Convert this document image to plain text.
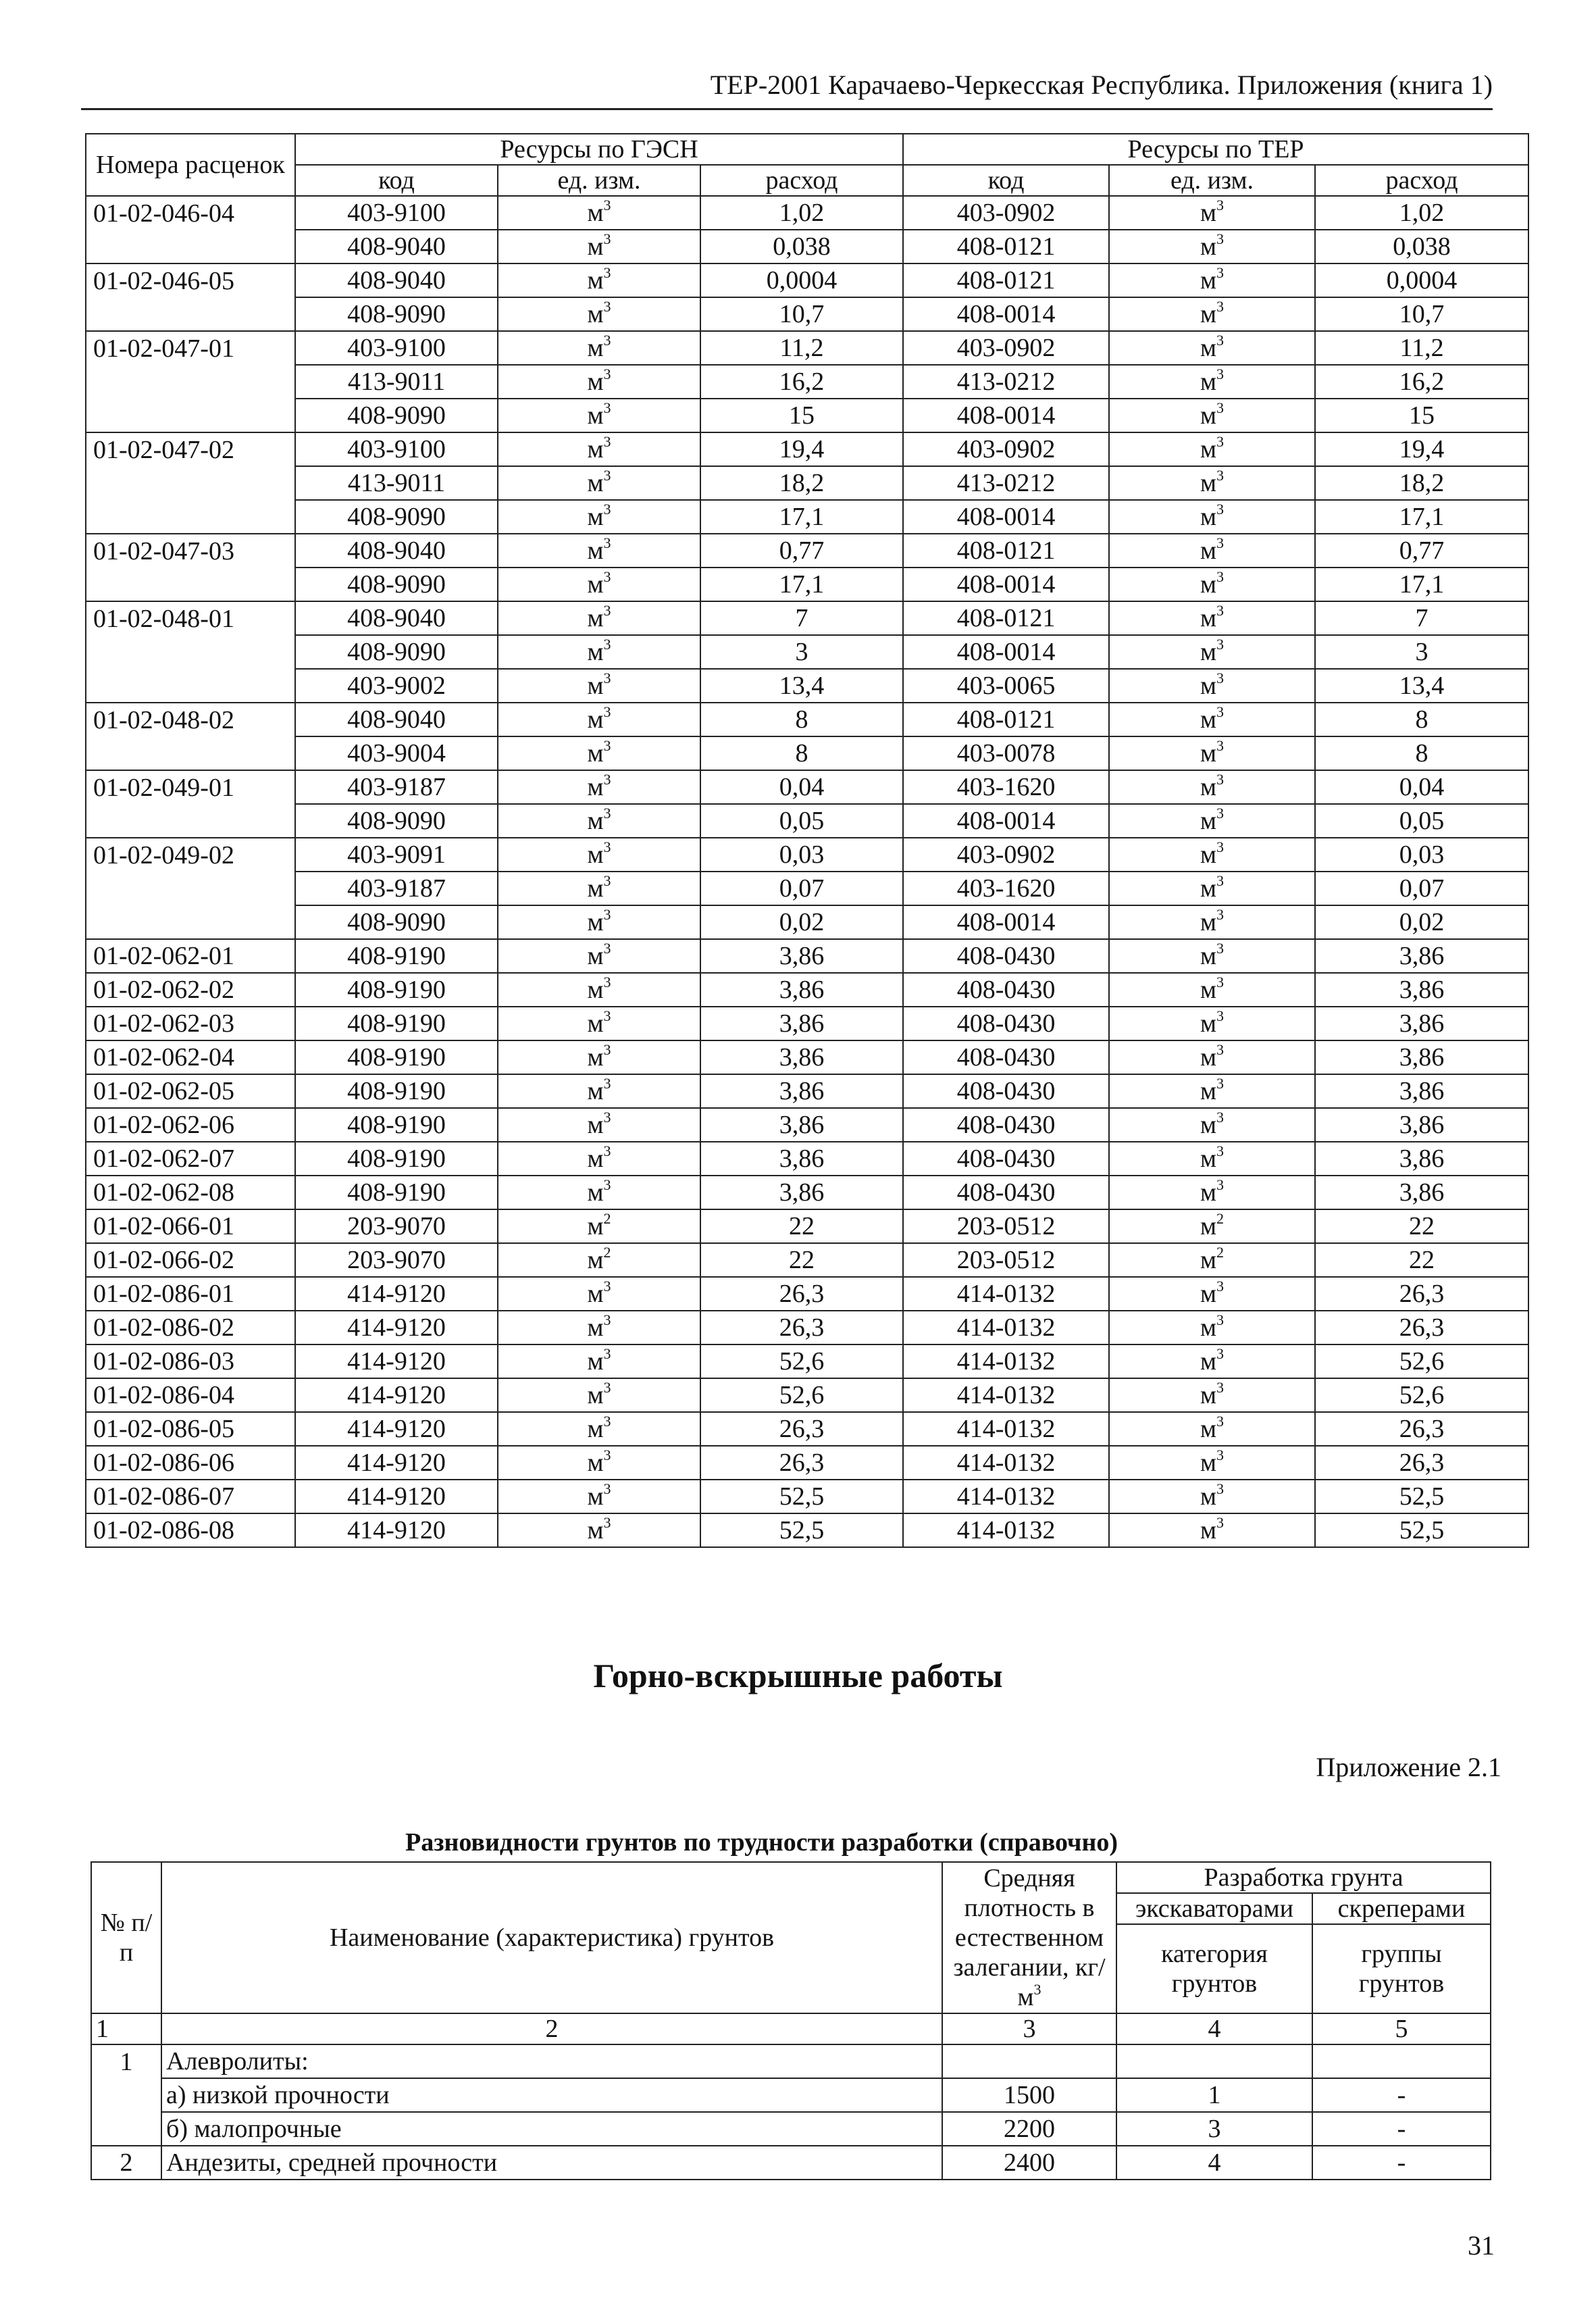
ТЕР-2001 Карачаево-Черкесская Республика. Приложения (книга 1)
Номера расценок	Ресурсы по ГЭСН			Ресурсы по ТЕР		
	код	ед. изм.	расход	код	ед. изм.	расход
01-02-046-04	403-9100	$м^3$	1,02	403-0902	$м^3$	1,02
	408-9040	$м^3$	0,038	408-0121	$м^3$	0,038
01-02-046-05	408-9040	$м^3$	0,0004	408-0121	$м^3$	0,0004
	408-9090	$м^3$	10,7	408-0014	$м^3$	10,7
01-02-047-01	403-9100	$м^3$	11,2	403-0902	$м^3$	11,2
	413-9011	$м^3$	16,2	413-0212	$м^3$	16,2
	408-9090	$м^3$	15	408-0014	$м^3$	15
01-02-047-02	403-9100	$м^3$	19,4	403-0902	$м^3$	19,4
	413-9011	$м^3$	18,2	413-0212	$м^3$	18,2
	408-9090	$м^3$	17,1	408-0014	$м^3$	17,1
01-02-047-03	408-9040	$м^3$	0,77	408-0121	$м^3$	0,77
	408-9090	$м^3$	17,1	408-0014	$м^3$	17,1
01-02-048-01	408-9040	$м^3$	7	408-0121	$м^3$	7
	408-9090	$м^3$	3	408-0014	$м^3$	3
	403-9002	$м^3$	13,4	403-0065	$м^3$	13,4
01-02-048-02	408-9040	$м^3$	8	408-0121	$м^3$	8
	403-9004	$м^3$	8	403-0078	$м^3$	8
01-02-049-01	403-9187	$м^3$	0,04	403-1620	$м^3$	0,04
	408-9090	$м^3$	0,05	408-0014	$м^3$	0,05
01-02-049-02	403-9091	$м^3$	0,03	403-0902	$м^3$	0,03
	403-9187	$м^3$	0,07	403-1620	$м^3$	0,07
	408-9090	$м^3$	0,02	408-0014	$м^3$	0,02
01-02-062-01	408-9190	$м^3$	3,86	408-0430	$м^3$	3,86
01-02-062-02	408-9190	$м^3$	3,86	408-0430	$м^3$	3,86
01-02-062-03	408-9190	$м^3$	3,86	408-0430	$м^3$	3,86
01-02-062-04	408-9190	$м^3$	3,86	408-0430	$м^3$	3,86
01-02-062-05	408-9190	$м^3$	3,86	408-0430	$м^3$	3,86
01-02-062-06	408-9190	$м^3$	3,86	408-0430	$м^3$	3,86
01-02-062-07	408-9190	$м^3$	3,86	408-0430	$м^3$	3,86
01-02-062-08	408-9190	$м^3$	3,86	408-0430	$м^3$	3,86
01-02-066-01	203-9070	$м^2$	22	203-0512	$м^2$	22
01-02-066-02	203-9070	$м^2$	22	203-0512	$м^2$	22
01-02-086-01	414-9120	$м^3$	26,3	414-0132	$м^3$	26,3
01-02-086-02	414-9120	$м^3$	26,3	414-0132	$м^3$	26,3
01-02-086-03	414-9120	$м^3$	52,6	414-0132	$м^3$	52,6
01-02-086-04	414-9120	$м^3$	52,6	414-0132	$м^3$	52,6
01-02-086-05	414-9120	$м^3$	26,3	414-0132	$м^3$	26,3
01-02-086-06	414-9120	$м^3$	26,3	414-0132	$м^3$	26,3
01-02-086-07	414-9120	$м^3$	52,5	414-0132	$м^3$	52,5
01-02-086-08	414-9120	$м^3$	52,5	414-0132	$м^3$	52,5
Горно-вскрышные работы
Приложение 2.1
Разновидности грунтов по трудности разработки (справочно)
№ п/п	Наименование (характеристика) грунтов	Средняя плотность в естественном залегании, $кг/м^3$	Разработка грунта	
			экскаваторами	скреперами
			категория грунтов	группы грунтов
1	2	3	4	5
1	Алевролиты:			
	а) низкой прочности	1500	1	-
	б) малопрочные	2200	3	-
2	Андезиты, средней прочности	2400	4	-
31
